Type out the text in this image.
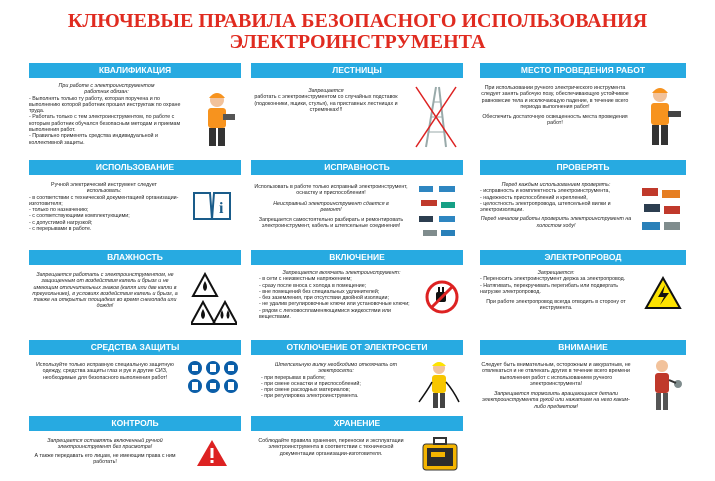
КЛЮЧЕВЫЕ ПРАВИЛА БЕЗОПАСНОГО ИСПОЛЬЗОВАНИЯ
ЭЛЕКТРОИНСТРУМЕНТА
КВАЛИФИКАЦИЯ
При работе с электроинструментом работник обязан:
- Выполнять только ту работу, которая поручена и по выполнению которой работник прошел инструктаж по охране труда.
- Работать только с тем электроинструментом, по работе с которым работник обучался безопасным методам и приемам выполнения работ.
- Правильно применять средства индивидуальной и коллективной защиты.
ЛЕСТНИЦЫ
Запрещается
работать с электроинструментом со случайных подставок (подоконники, ящики, стулья), на приставных лестницах и стремянках!!!
МЕСТО ПРОВЕДЕНИЯ РАБОТ
При использовании ручного электрического инструмента следует занять рабочую позу, обеспечивающую устойчивое равновесие тела и исключающую падение, в течение всего периода выполнения работ!
Обеспечить достаточную освещенность места проведения работ!
ИСПОЛЬЗОВАНИЕ
Ручной электрический инструмент следует использовать:
- в соответствии с технической документацией организации-изготовителя;
- только по назначению;
- с соответствующими комплектующими;
- с допустимой нагрузкой;
- с перерывами в работе.
i
ИСПРАВНОСТЬ
Использовать в работе только исправный электроинструмент, оснастку и приспособления!
Неисправный электроинструмент сдается в ремонт!
Запрещается самостоятельно разбирать и ремонтировать электроинструмент, кабель и штепсельные соединения!
ПРОВЕРЯТЬ
Перед каждым использованием проверять:
- исправность и комплектность электроинструмента,
- надежность приспособлений и креплений,
- целостность электропровода, штепсельной вилки и электроизоляции.
Перед началом работы проверить электроинструмент на холостом ходу!
ВЛАЖНОСТЬ
Запрещается работать с электроинструментом, не защищенным от воздействия капель и брызг и не имеющим отличительных знаков (капля или две капли в треугольнике), в условиях воздействия капель и брызг, а также на открытых площадках во время снегопада или дождя!
ВКЛЮЧЕНИЕ
Запрещается включать электроинструмент:
- в сети с неизвестным напряжением;
- сразу после вноса с холода в помещение;
- вне помещений без специальных удлинителей;
- без заземления, при отсутствии двойной изоляции;
- не удалив регулировочные ключи или установочные ключи;
- рядом с легковоспламеняющимися жидкостями или веществами.
ЭЛЕКТРОПРОВОД
Запрещается:
- Переносить электроинструмент держа за электропровод.
- Натягивать, перекручивать перегибать или подвергать нагрузке электропровод.
При работе электропровод всегда отводить в сторону от инструмента.
СРЕДСТВА ЗАЩИТЫ
Используйте только исправную специальную защитную одежду, средства защиты глаз и рук и другие СИЗ, необходимые для безопасного выполнения работ!
ОТКЛЮЧЕНИЕ ОТ ЭЛЕКТРОСЕТИ
Штепсельную вилку необходимо отключать от электросети:
- при перерывах в работе;
- при смене оснастки и приспособлений;
- при смене расходных материалов;
- при регулировка электроинструмента.
ВНИМАНИЕ
Следует быть внимательным, осторожным и аккуратным, не отвлекаться и не отвлекать других в течение всего времени выполнения работ с использованием ручного электроинструмента!
Запрещается тормозить вращающиеся детали электроинструмента рукой или нажатием на него каким-либо предметом!
КОНТРОЛЬ
Запрещается оставлять включенный ручной электроинструмент без присмотра!
А также передавать его лицам, не имеющим права с ним работать!
ХРАНЕНИЕ
Соблюдайте правила хранения, переноски и эксплуатации электроинструмента в соответствии с технической документации организации-изготовителя.
